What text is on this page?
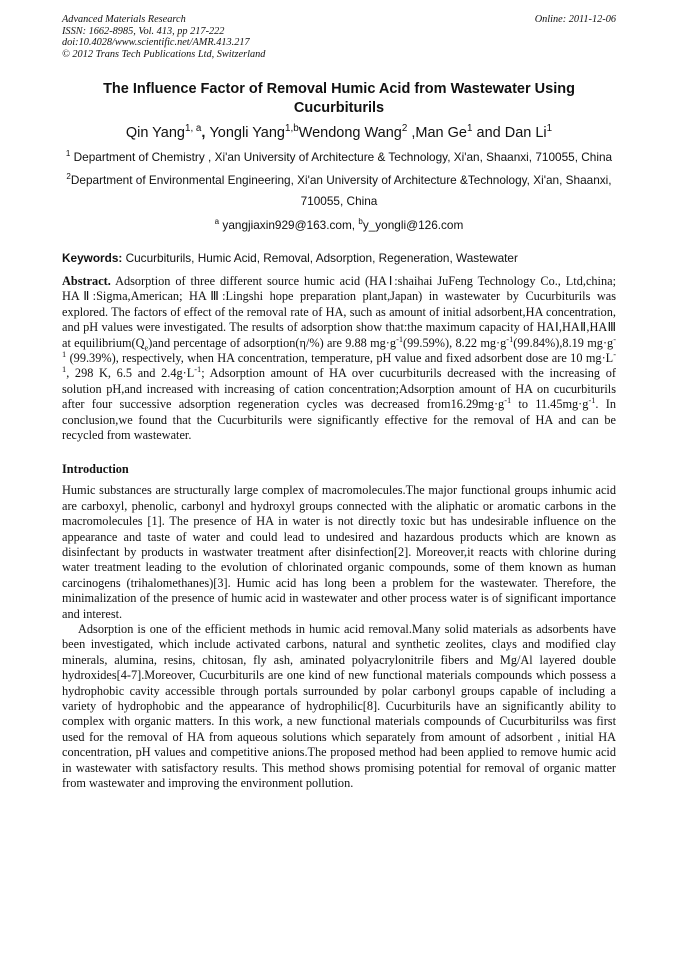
Advanced Materials Research
ISSN: 1662-8985, Vol. 413, pp 217-222
doi:10.4028/www.scientific.net/AMR.413.217
© 2012 Trans Tech Publications Ltd, Switzerland
Online: 2011-12-06
The Influence Factor of Removal Humic Acid from Wastewater Using Cucurbiturils
Qin Yang$^{1, a}$, Yongli Yang$^{1,b}$Wendong Wang$^2$ ,Man Ge$^1$ and Dan Li$^1$
$^1$ Department of Chemistry , Xi'an University of Architecture & Technology, Xi'an, Shaanxi, 710055, China
$^2$Department of Environmental Engineering, Xi'an University of Architecture &Technology, Xi'an, Shaanxi, 710055, China
$^a$ yangjiaxin929@163.com, $^b$y_yongli@126.com
Keywords: Cucurbiturils, Humic Acid, Removal, Adsorption, Regeneration, Wastewater
Abstract. Adsorption of three different source humic acid (HAⅠ:shaihai JuFeng Technology Co., Ltd,china; HAⅡ:Sigma,American; HAⅢ:Lingshi hope preparation plant,Japan) in wastewater by Cucurbiturils was explored. The factors of effect of the removal rate of HA, such as amount of initial adsorbent,HA concentration, and pH values were investigated. The results of adsorption show that:the maximum capacity of HAⅠ,HAⅡ,HAⅢ at $equilibrium(Q_e)and$ percentage of adsorption(η/%) are 9.88 $mg\cdot g^{-1}(99.59\%)$, 8.22 $mg\cdot g^{-1}(99.84\%),8.19$ $mg\cdot g^{-1}$ (99.39%), respectively, when HA concentration, temperature, pH value and fixed adsorbent dose are 10 $mg\cdot L^{-1}$, 298 K, 6.5 and $2.4g\cdot L^{-1}$; Adsorption amount of HA over cucurbiturils decreased with the increasing of solution pH,and increased with increasing of cation concentration;Adsorption amount of HA on cucurbiturils after four successive adsorption regeneration cycles was decreased $from16.29mg\cdot g^{-1}$ to $11.45mg\cdot g^{-1}$. In conclusion,we found that the Cucurbiturils were significantly effective for the removal of HA and can be recycled from wastewater.
Introduction
Humic substances are structurally large complex of macromolecules.The major functional groups inhumic acid are carboxyl, phenolic, carbonyl and hydroxyl groups connected with the aliphatic or aromatic carbons in the macromolecules [1]. The presence of HA in water is not directly toxic but has undesirable influence on the appearance and taste of water and could lead to undesired and hazardous products which are known as disinfectant by products in wastwater treatment after disinfection[2]. Moreover,it reacts with chlorine during water treatment leading to the evolution of chlorinated organic compounds, some of them known as human carcinogens (trihalomethanes)[3]. Humic acid has long been a problem for the wastewater. Therefore, the minimalization of the presence of humic acid in wastewater and other process water is of significant importance and interest.
Adsorption is one of the efficient methods in humic acid removal.Many solid materials as adsorbents have been investigated, which include activated carbons, natural and synthetic zeolites, clays and modified clay minerals, alumina, resins, chitosan, fly ash, aminated polyacrylonitrile fibers and Mg/Al layered double hydroxides[4-7].Moreover, Cucurbiturils are one kind of new functional materials compounds which possess a hydrophobic cavity accessible through portals surrounded by polar carbonyl groups capable of including a variety of hydrophobic and the appearance of hydrophilic[8]. Cucurbiturils have an significantly ability to complex with organic matters. In this work, a new functional materials compounds of Cucurbiturilss was first used for the removal of HA from aqueous solutions which separately from amount of adsorbent , initial HA concentration, pH values and competitive anions.The proposed method had been applied to remove humic acid in wastewater with satisfactory results. This method shows promising potential for removal of organic matter from wastewater and improving the environment pollution.
